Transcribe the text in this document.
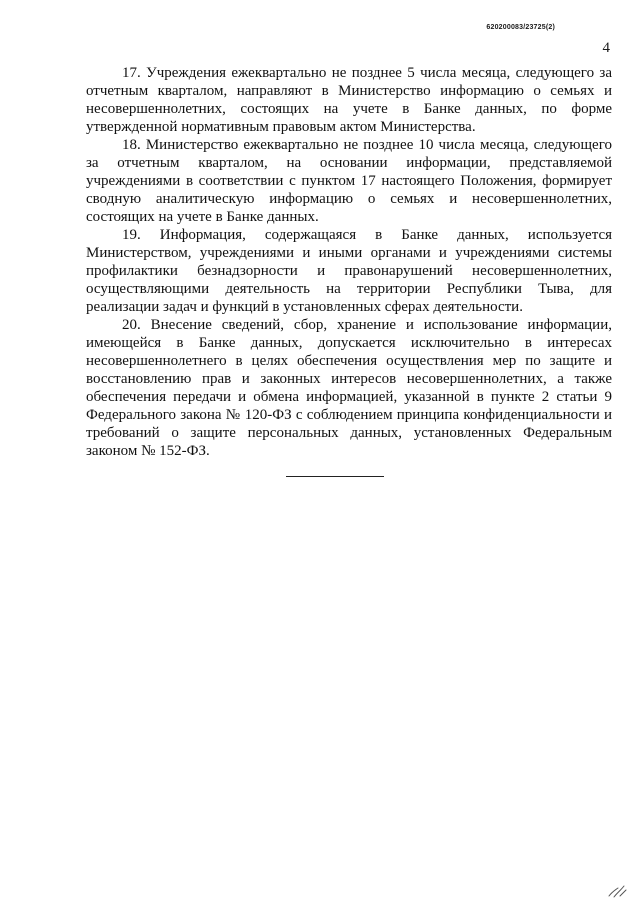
620200083/23725(2)
4

17. Учреждения ежеквартально не позднее 5 числа месяца, следующего за отчетным кварталом, направляют в Министерство информацию о семьях и несовершеннолетних, состоящих на учете в Банке данных, по форме утвержденной нормативным правовым актом Министерства.

18. Министерство ежеквартально не позднее 10 числа месяца, следующего за отчетным кварталом, на основании информации, представляемой учреждениями в соответствии с пунктом 17 настоящего Положения, формирует сводную аналитическую информацию о семьях и несовершеннолетних, состоящих на учете в Банке данных.

19. Информация, содержащаяся в Банке данных, используется Министерством, учреждениями и иными органами и учреждениями системы профилактики безнадзорности и правонарушений несовершеннолетних, осуществляющими деятельность на территории Республики Тыва, для реализации задач и функций в установленных сферах деятельности.

20. Внесение сведений, сбор, хранение и использование информации, имеющейся в Банке данных, допускается исключительно в интересах несовершеннолетнего в целях обеспечения осуществления мер по защите и восстановлению прав и законных интересов несовершеннолетних, а также обеспечения передачи и обмена информацией, указанной в пункте 2 статьи 9 Федерального закона № 120-ФЗ с соблюдением принципа конфиденциальности и требований о защите персональных данных, установленных Федеральным законом № 152-ФЗ.
